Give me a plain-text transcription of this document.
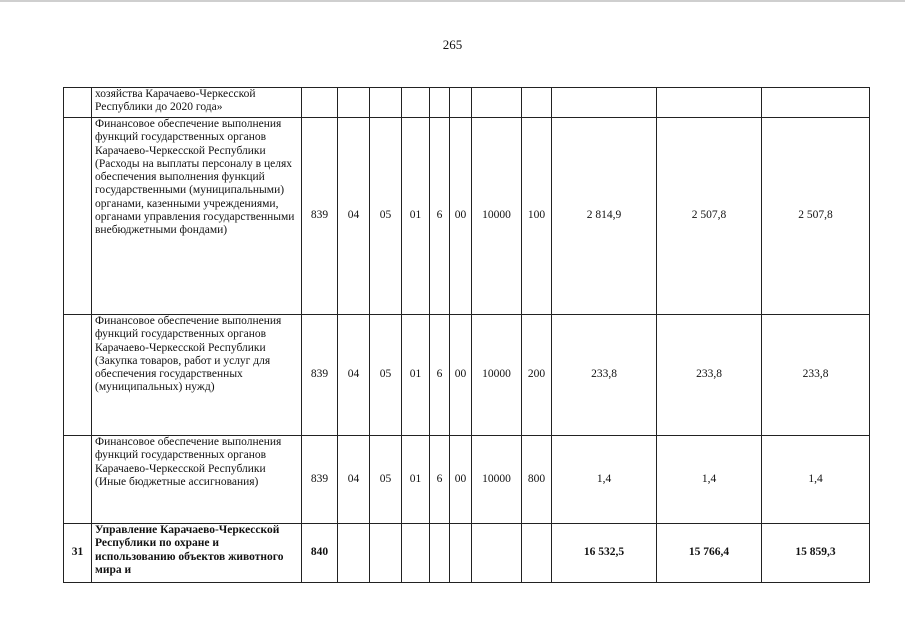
265
	хозяйства Карачаево-Черкесской Республики до 2020 года»											
	Финансовое обеспечение выполнения функций государственных органов Карачаево-Черкесской Республики (Расходы на выплаты персоналу в целях обеспечения выполнения функций государственными (муниципальными) органами, казенными учреждениями, органами управления государственными внебюджетными фондами)	839	04	05	01	6	00	10000	100	2 814,9	2 507,8	2 507,8
	Финансовое обеспечение выполнения функций государственных органов Карачаево-Черкесской Республики (Закупка товаров, работ и услуг для обеспечения государственных (муниципальных) нужд)	839	04	05	01	6	00	10000	200	233,8	233,8	233,8
	Финансовое обеспечение выполнения функций государственных органов Карачаево-Черкесской Республики (Иные бюджетные ассигнования)	839	04	05	01	6	00	10000	800	1,4	1,4	1,4
31	Управление Карачаево-Черкесской Республики по охране и использованию объектов животного мира и	840								16 532,5	15 766,4	15 859,3
